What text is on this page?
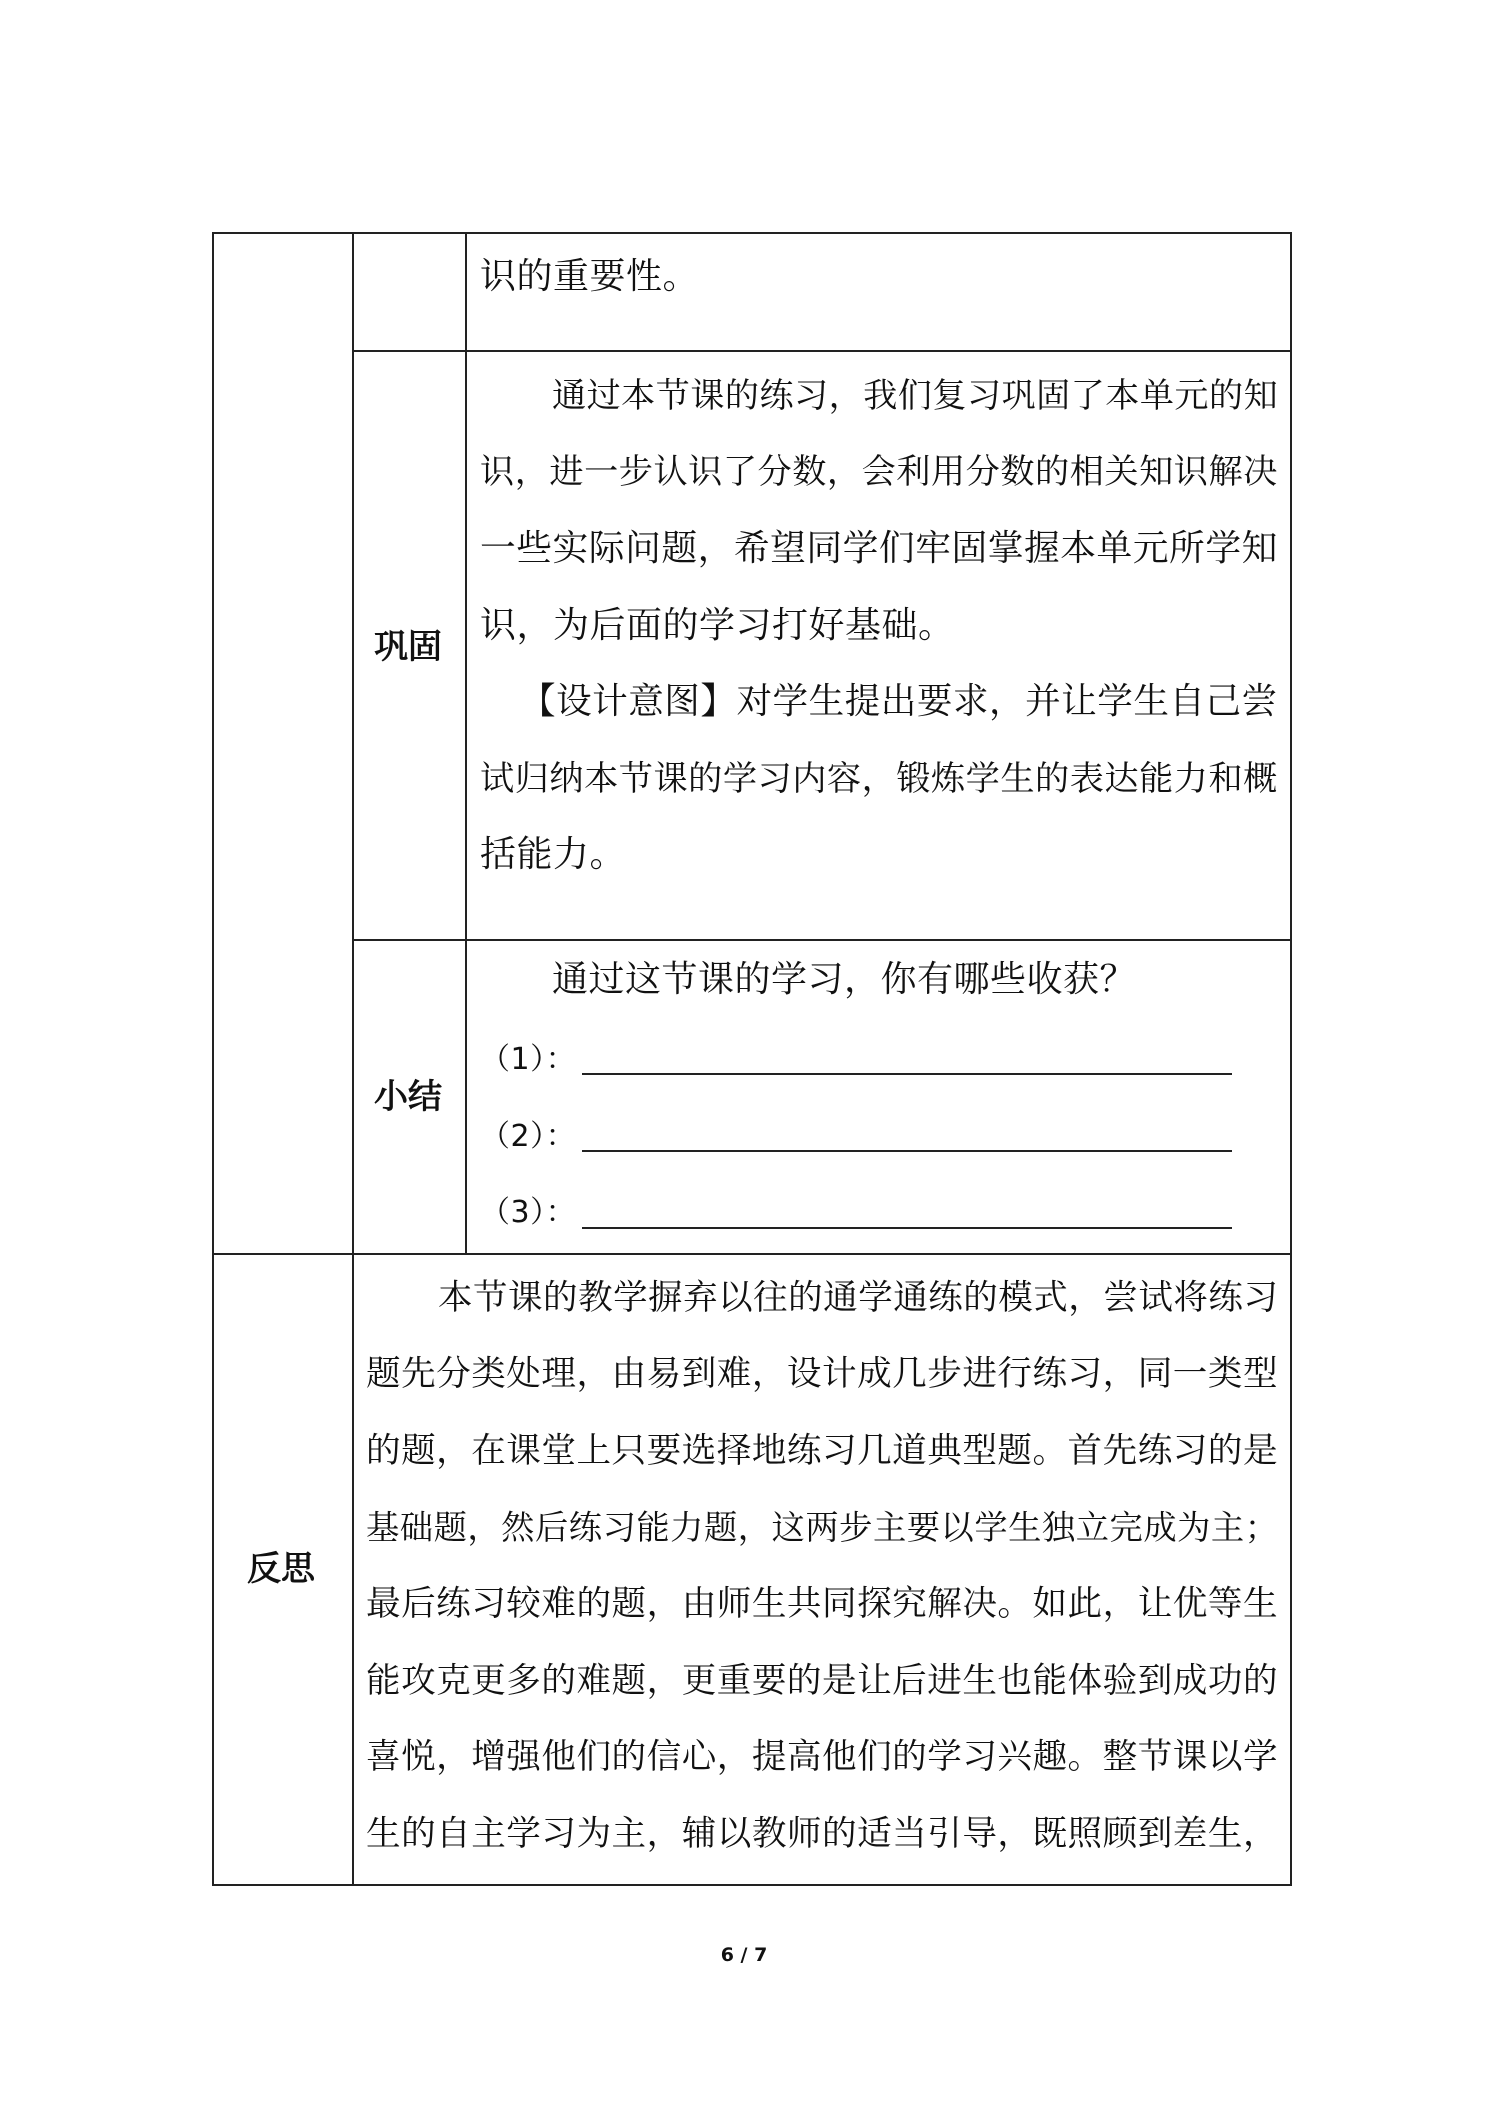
识的重要性。
巩固
通过本节课的练习，我们复习巩固了本单元的知
识，进一步认识了分数，会利用分数的相关知识解决
一些实际问题，希望同学们牢固掌握本单元所学知
识，为后面的学习打好基础。
【设计意图】对学生提出要求，并让学生自己尝
试归纳本节课的学习内容，锻炼学生的表达能力和概
括能力。
小结
通过这节课的学习，你有哪些收获？
（1）：
（2）：
（3）：
反思
本节课的教学摒弃以往的通学通练的模式，尝试将练习
题先分类处理，由易到难，设计成几步进行练习，同一类型
的题，在课堂上只要选择地练习几道典型题。首先练习的是
基础题，然后练习能力题，这两步主要以学生独立完成为主；
最后练习较难的题，由师生共同探究解决。如此，让优等生
能攻克更多的难题，更重要的是让后进生也能体验到成功的
喜悦，增强他们的信心，提高他们的学习兴趣。整节课以学
生的自主学习为主，辅以教师的适当引导，既照顾到差生，
6 / 7
